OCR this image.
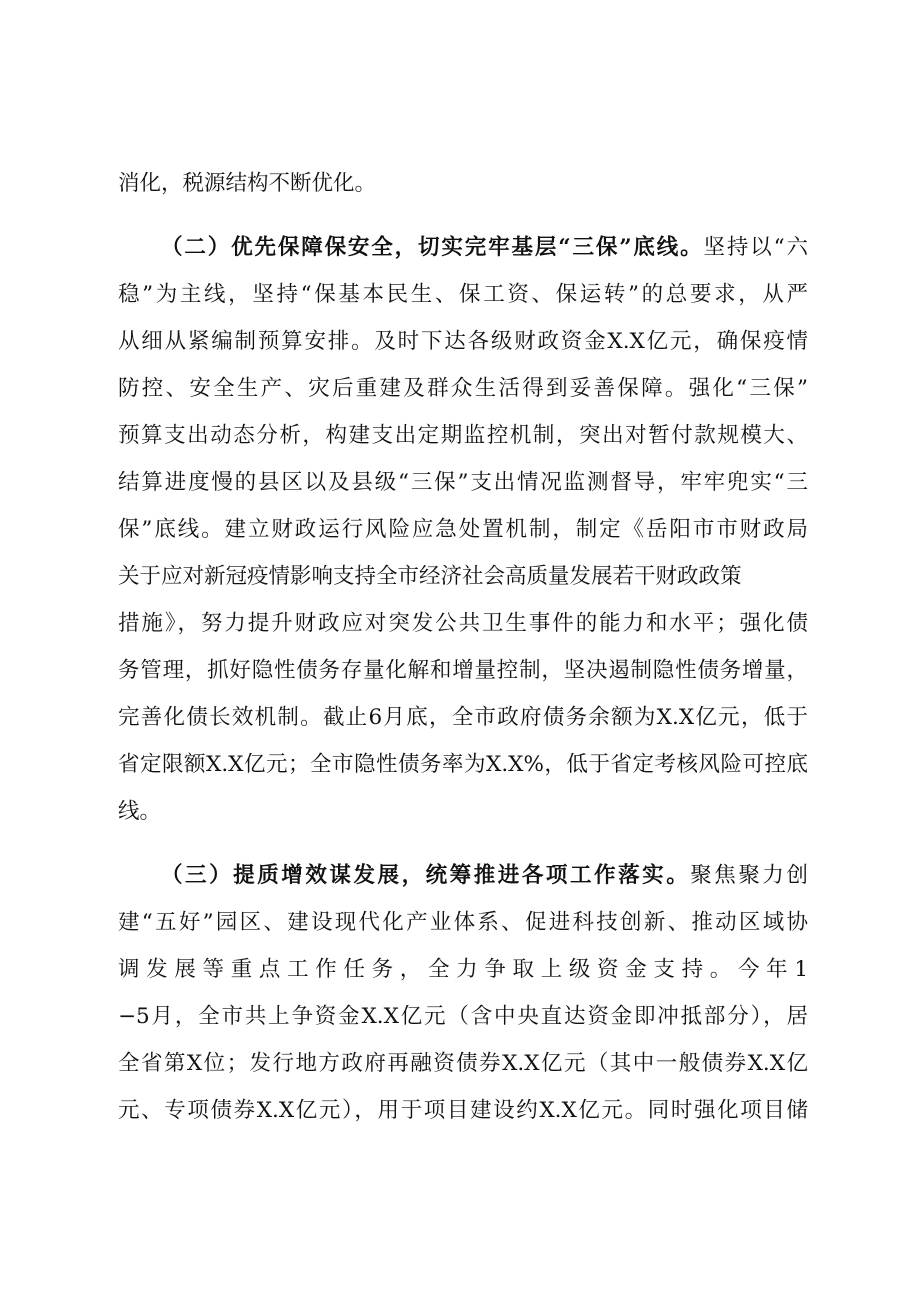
消化，税源结构不断优化。
（二）优先保障保安全，切实完牢基层“三保”底线。坚持以“六
稳”为主线，坚持“保基本民生、保工资、保运转”的总要求，从严
从细从紧编制预算安排。及时下达各级财政资金X.X亿元，确保疫情
防控、安全生产、灾后重建及群众生活得到妥善保障。强化“三保”
预算支出动态分析，构建支出定期监控机制，突出对暂付款规模大、
结算进度慢的县区以及县级“三保”支出情况监测督导，牢牢兜实“三
保”底线。建立财政运行风险应急处置机制，制定《岳阳市市财政局
关于应对新冠疫情影响支持全市经济社会高质量发展若干财政政策
措施》，努力提升财政应对突发公共卫生事件的能力和水平；强化债
务管理，抓好隐性债务存量化解和增量控制，坚决遏制隐性债务增量，
完善化债长效机制。截止6月底，全市政府债务余额为X.X亿元，低于
省定限额X.X亿元；全市隐性债务率为X.X%，低于省定考核风险可控底
线。
（三）提质增效谋发展，统筹推进各项工作落实。聚焦聚力创
建“五好”园区、建设现代化产业体系、促进科技创新、推动区域协
调发展等重点工作任务，全力争取上级资金支持。今年1
−5月，全市共上争资金X.X亿元（含中央直达资金即冲抵部分），居
全省第X位；发行地方政府再融资债券X.X亿元（其中一般债券X.X亿
元、专项债券X.X亿元），用于项目建设约X.X亿元。同时强化项目储
